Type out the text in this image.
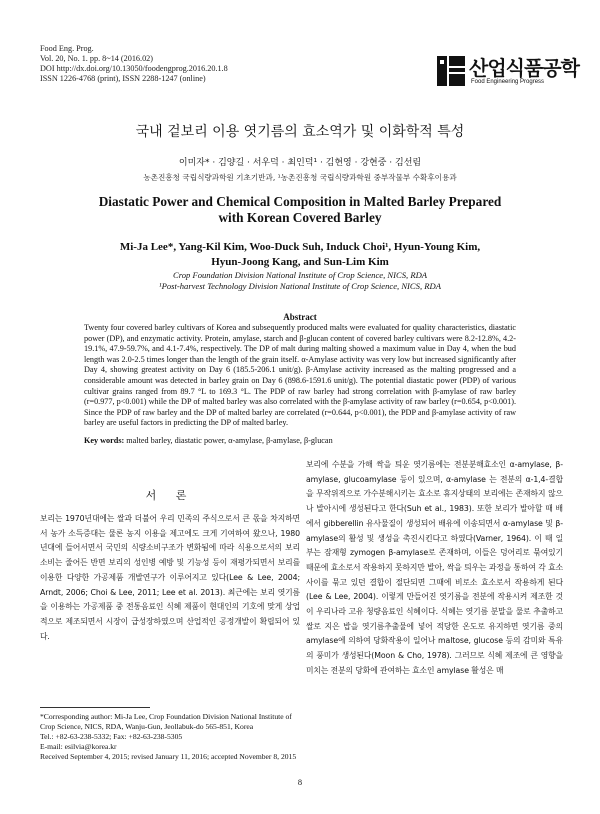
Food Eng. Prog.
Vol. 20, No. 1. pp. 8~14 (2016.02)
DOI http://dx.doi.org/10.13050/foodengprog.2016.20.1.8
ISSN 1226-4768 (print), ISSN 2288-1247 (online)	산업식품공학
Food Engineering Progress
국내 겉보리 이용 엿기름의 효소역가 및 이화학적 특성
이미자* · 김양길 · 서우덕 · 최인덕¹ · 김현영 · 강현중 · 김선림
농촌진흥청 국립식량과학원 기초기반과, ¹농촌진흥청 국립식량과학원 중부작물부 수확후이용과
Diastatic Power and Chemical Composition in Malted Barley Prepared
with Korean Covered Barley
Mi-Ja Lee*, Yang-Kil Kim, Woo-Duck Suh, Induck Choi¹, Hyun-Young Kim,
Hyun-Joong Kang, and Sun-Lim Kim
Crop Foundation Division National Institute of Crop Science, NICS, RDA
¹Post-harvest Technology Division National Institute of Crop Science, NICS, RDA
Abstract
Twenty four covered barley cultivars of Korea and subsequently produced malts were evaluated for quality characteristics, diastatic power (DP), and enzymatic activity. Protein, amylase, starch and β-glucan content of covered barley cultivars were 8.2-12.8%, 4.2-19.1%, 47.9-59.7%, and 4.1-7.4%, respectively. The DP of malt during malting showed a maximum value in Day 4, when the bud length was 2.0-2.5 times longer than the length of the grain itself. α-Amylase activity was very low but increased significantly after Day 4, showing greatest activity on Day 6 (185.5-206.1 unit/g). β-Amylase activity increased as the malting progressed and a considerable amount was detected in barley grain on Day 6 (898.6-1591.6 unit/g). The potential diastatic power (PDP) of various cultivar grains ranged from 89.7 °L to 169.3 °L. The PDP of raw barley had strong correlation with β-amylase of raw barley (r=0.977, p<0.001) while the DP of malted barley was also correlated with the β-amylase activity of raw barley (r=0.654, p<0.001). Since the PDP of raw barley and the DP of malted barley are correlated (r=0.644, p<0.001), the PDP and β-amylase activity of raw barley are useful factors in predicting the DP of malted barley.
Key words: malted barley, diastatic power, α-amylase, β-amylase, β-glucan
서 론
보리는 1970년대에는 쌀과 더불어 우리 민족의 주식으로서 큰 몫을 차지하면서 농가 소득증대는 물론 농지 이용을 제고에도 크게 기여하여 왔으나, 1980년대에 들어서면서 국민의 식량소비구조가 변화됨에 따라 식용으로서의 보리소비는 줄어든 반면 보리의 성인병 예방 및 기능성 등이 재평가되면서 보리를 이용한 다양한 가공제품 개발연구가 이루어지고 있다(Lee & Lee, 2004; Arndt, 2006; Choi & Lee, 2011; Lee et al. 2013). 최근에는 보리 엿기름을 이용하는 가공제품 중 전통음료인 식혜 제품이 현대인의 기호에 맞게 상업적으로 제조되면서 시장이 급성장하였으며 산업적인 공정개발이 확립되어 있다.
보리에 수분을 가해 싹을 틔운 엿기름에는 전분분해효소인 α-amylase, β-amylase, glucoamylase 등이 있으며, α-amylase 는 전분의 α-1,4-결합을 무작위적으로 가수분해시키는 효소로 휴지상태의 보리에는 존재하지 않으나 발아시에 생성된다고 한다(Suh et al., 1983). 또한 보리가 발아할 때 배에서 gibberellin 유사물질이 생성되어 배유에 이송되면서 α-amylase 및 β-amylase의 활성 및 생성을 촉진시킨다고 하였다(Varner, 1964). 이 때 일부는 잠재형 zymogen β-amylase로 존재하며, 이들은 덩어리로 묶여있기 때문에 효소로서 작용하지 못하지만 발아, 싹을 틔우는 과정을 통하여 각 효소 사이를 묶고 있던 결합이 절단되면 그때에 비로소 효소로서 작용하게 된다(Lee & Lee, 2004). 이렇게 만들어진 엿기름을 전분에 작용시켜 제조한 것이 우리나라 고유 청량음료인 식혜이다. 식혜는 엿기름 분말을 물로 추출하고 쌀로 지은 밥을 엿기름추출물에 넣어 적당한 온도로 유지하면 엿기름 중의 amylase에 의하여 당화작용이 일어나 maltose, glucose 등의 감미와 특유의 풍미가 생성된다(Moon & Cho, 1978). 그러므로 식혜 제조에 큰 영향을 미치는 전분의 당화에 관여하는 효소인 amylase 활성은 매
*Corresponding author: Mi-Ja Lee, Crop Foundation Division National Institute of Crop Science, NICS, RDA, Wanju-Gun, Jeollabuk-do 565-851, Korea
Tel.: +82-63-238-5332; Fax: +82-63-238-5305
E-mail: esilvia@korea.kr
Received September 4, 2015; revised January 11, 2016; accepted November 8, 2015
8
